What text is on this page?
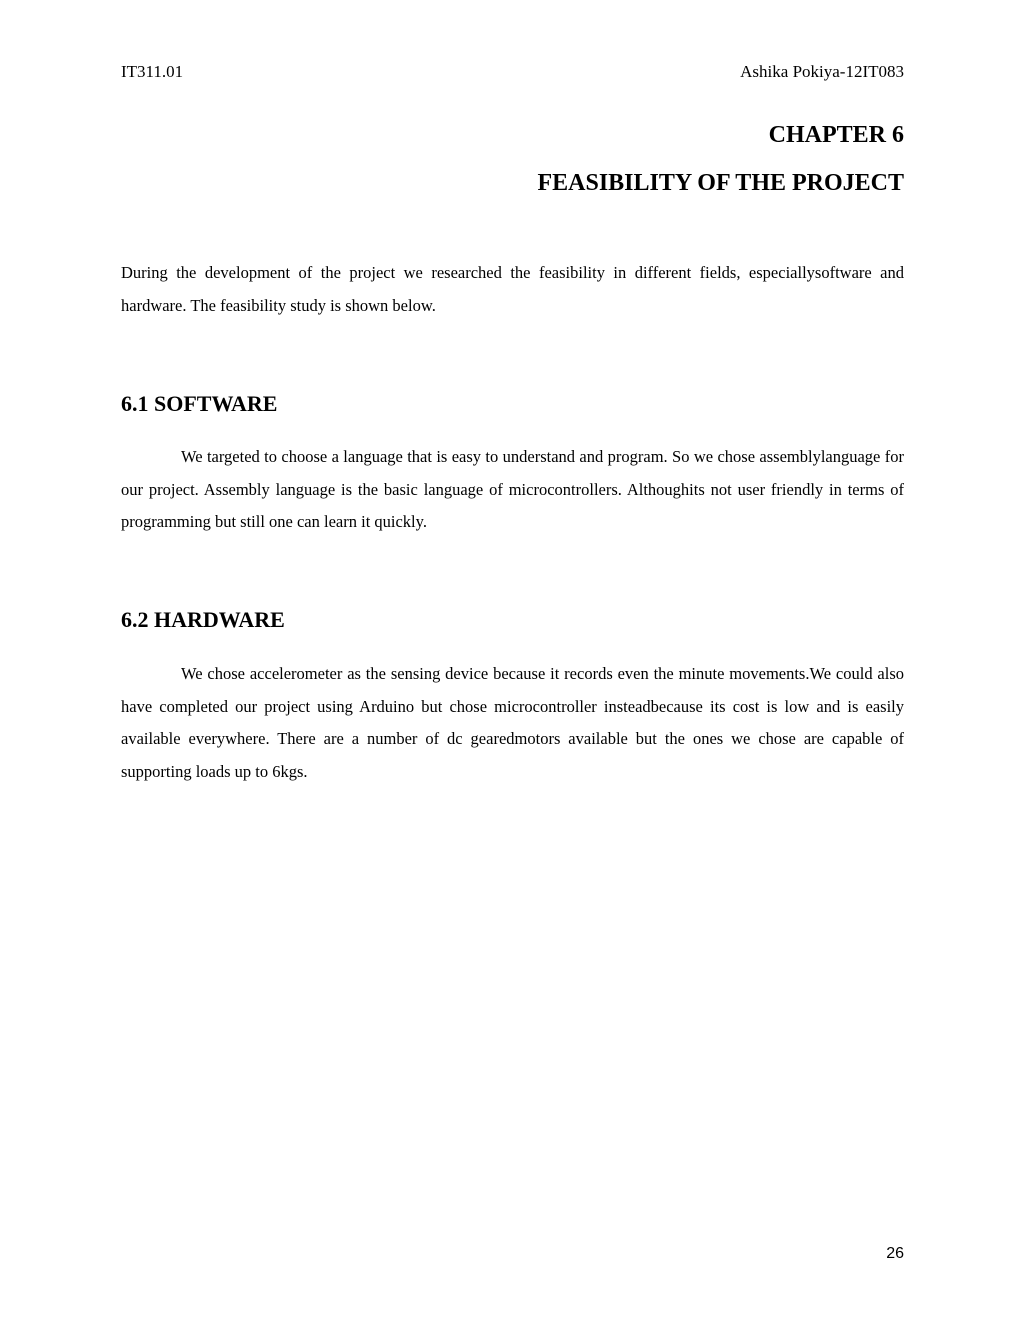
IT311.01	Ashika Pokiya-12IT083
CHAPTER 6
FEASIBILITY OF THE PROJECT

During the development of the project we researched the feasibility in different fields, especiallysoftware and hardware. The feasibility study is shown below.

6.1 SOFTWARE

We targeted to choose a language that is easy to understand and program. So we chose assemblylanguage for our project. Assembly language is the basic language of microcontrollers. Althoughits not user friendly in terms of programming but still one can learn it quickly.

6.2 HARDWARE

We chose accelerometer as the sensing device because it records even the minute movements.We could also have completed our project using Arduino but chose microcontroller insteadbecause its cost is low and is easily available everywhere. There are a number of dc gearedmotors available but the ones we chose are capable of supporting loads up to 6kgs.

26
